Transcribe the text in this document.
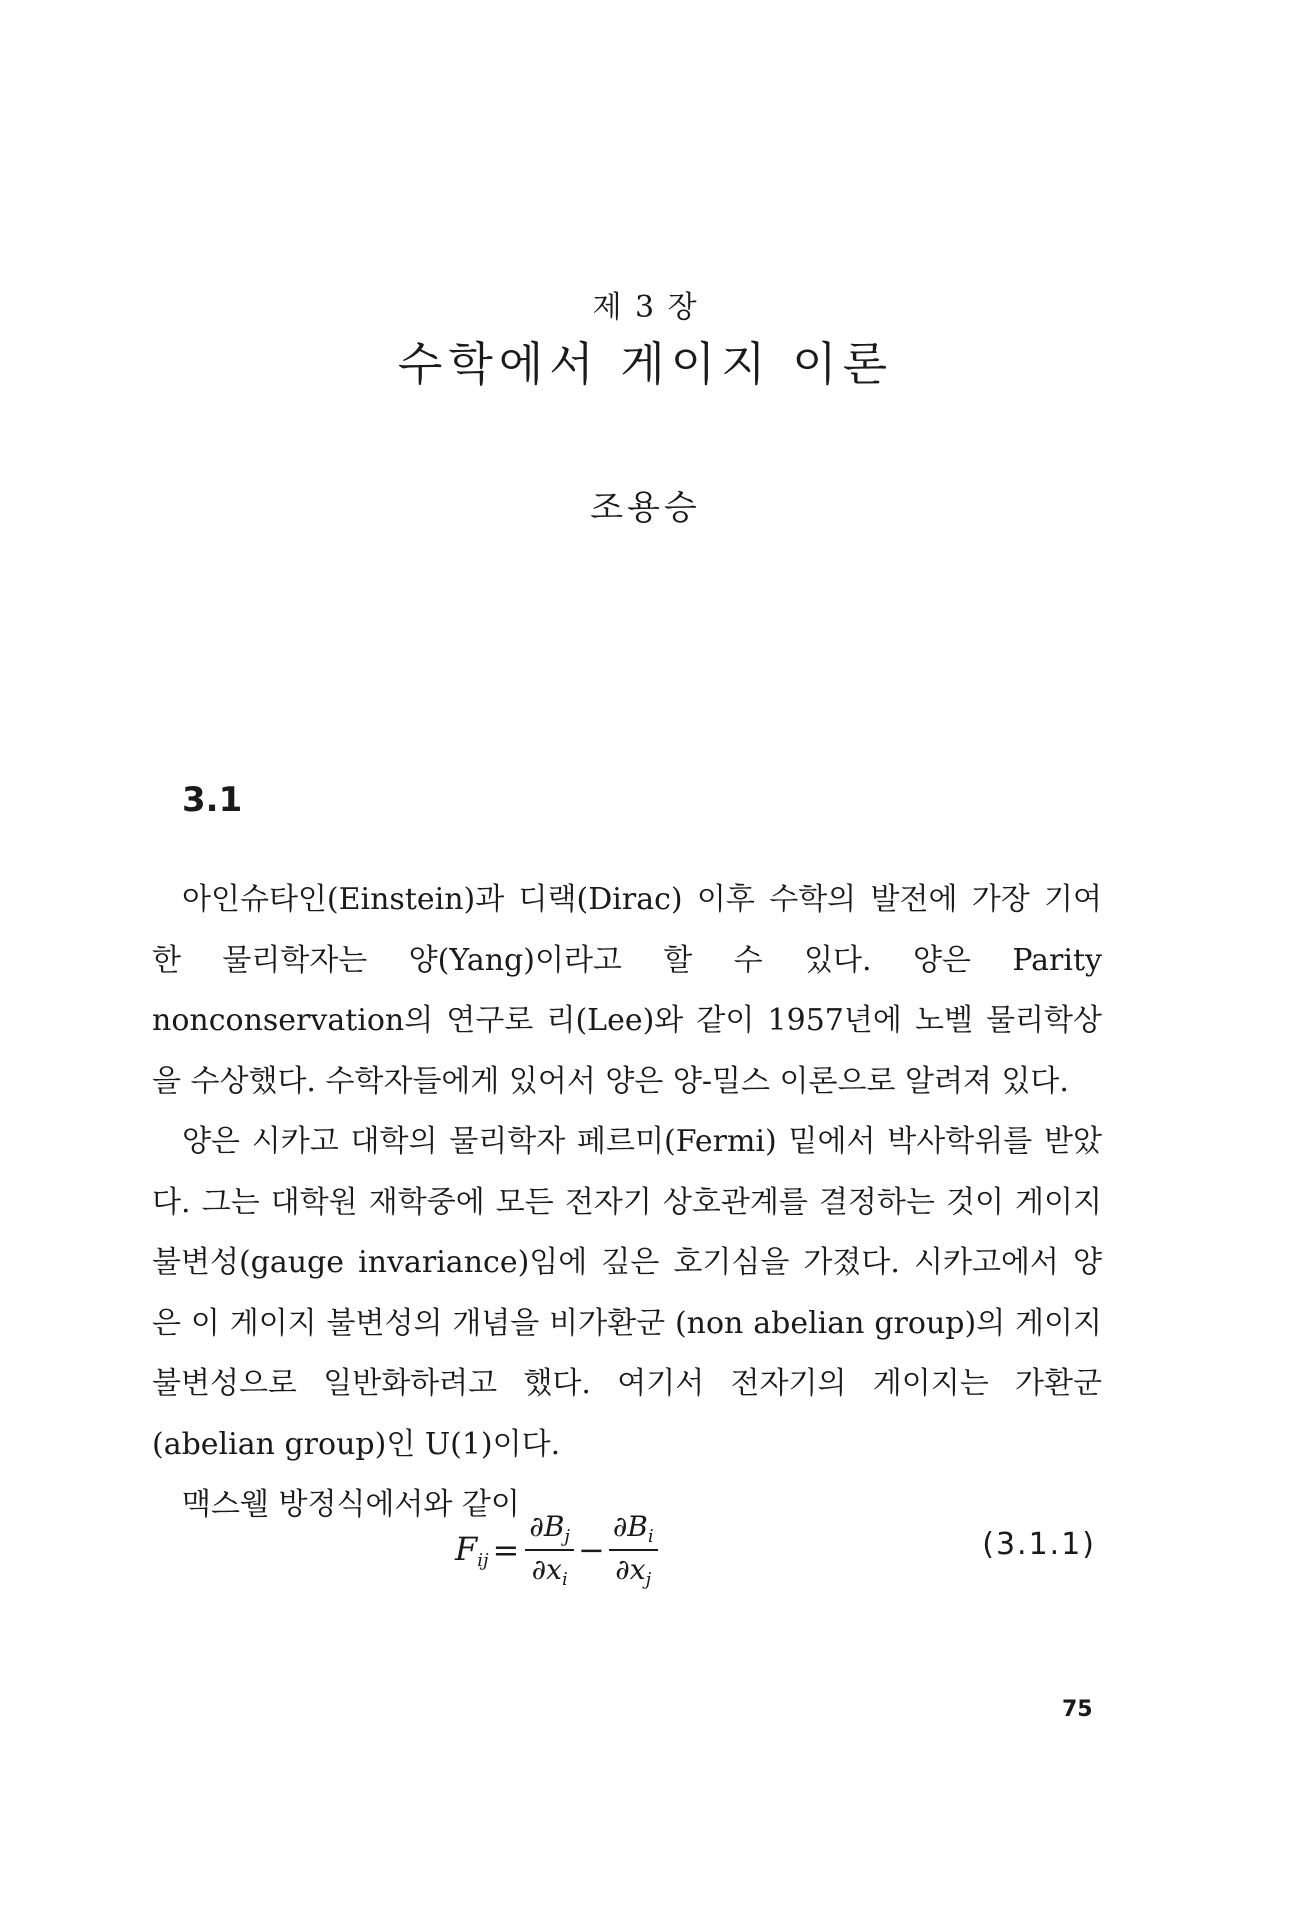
제 3 장
수학에서 게이지 이론
조용승
3.1

아인슈타인(Einstein)과 디랙(Dirac) 이후 수학의 발전에 가장 기여한 물리학자는 양(Yang)이라고 할 수 있다. 양은 Parity nonconservation의 연구로 리(Lee)와 같이 1957년에 노벨 물리학상을 수상했다. 수학자들에게 있어서 양은 양-밀스 이론으로 알려져 있다.

양은 시카고 대학의 물리학자 페르미(Fermi) 밑에서 박사학위를 받았다. 그는 대학원 재학중에 모든 전자기 상호관계를 결정하는 것이 게이지 불변성(gauge invariance)임에 깊은 호기심을 가졌다. 시카고에서 양은 이 게이지 불변성의 개념을 비가환군 (non abelian group)의 게이지 불변성으로 일반화하려고 했다. 여기서 전자기의 게이지는 가환군(abelian group)인 U(1)이다.

맥스웰 방정식에서와 같이

$F_{ij} = \frac{\partial B_j}{\partial x_i} - \frac{\partial B_i}{\partial x_j}$	(3.1.1)
75
